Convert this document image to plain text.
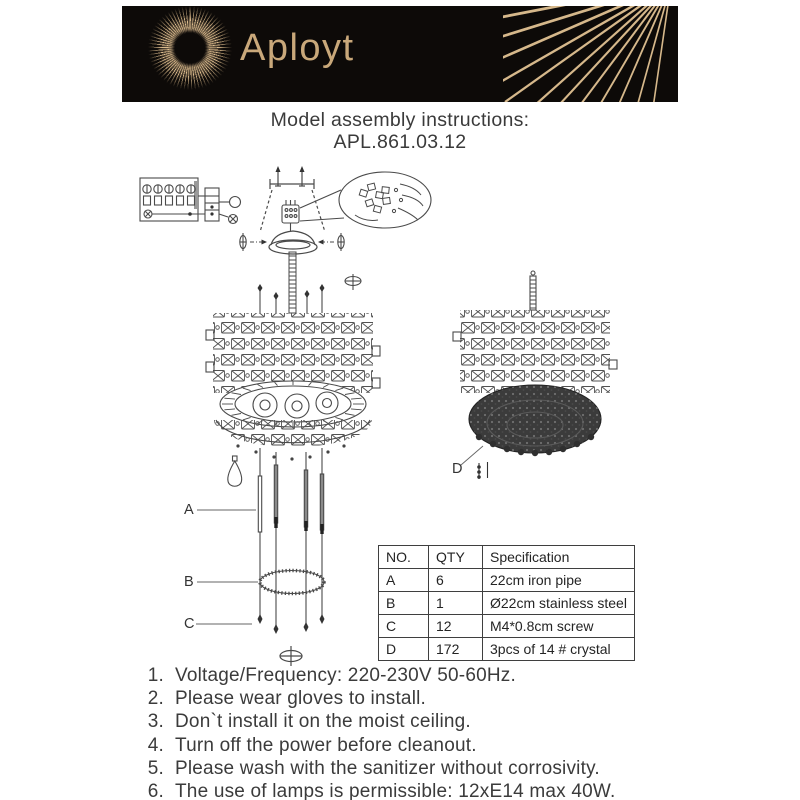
Aployt
Model assembly instructions:
APL.861.03.12
A
B
C
D
NO.	QTY	Specification
A	6	22cm iron pipe
B	1	Ø22cm stainless steel
C	12	M4*0.8cm screw
D	172	3pcs of 14 # crystal
1. Voltage/Frequency: 220-230V 50-60Hz.
2. Please wear gloves to install.
3. Don`t install it on the moist ceiling.
4. Turn off the power before cleanout.
5. Please wash with the sanitizer without corrosivity.
6. The use of lamps is permissible: 12xE14 max 40W.
